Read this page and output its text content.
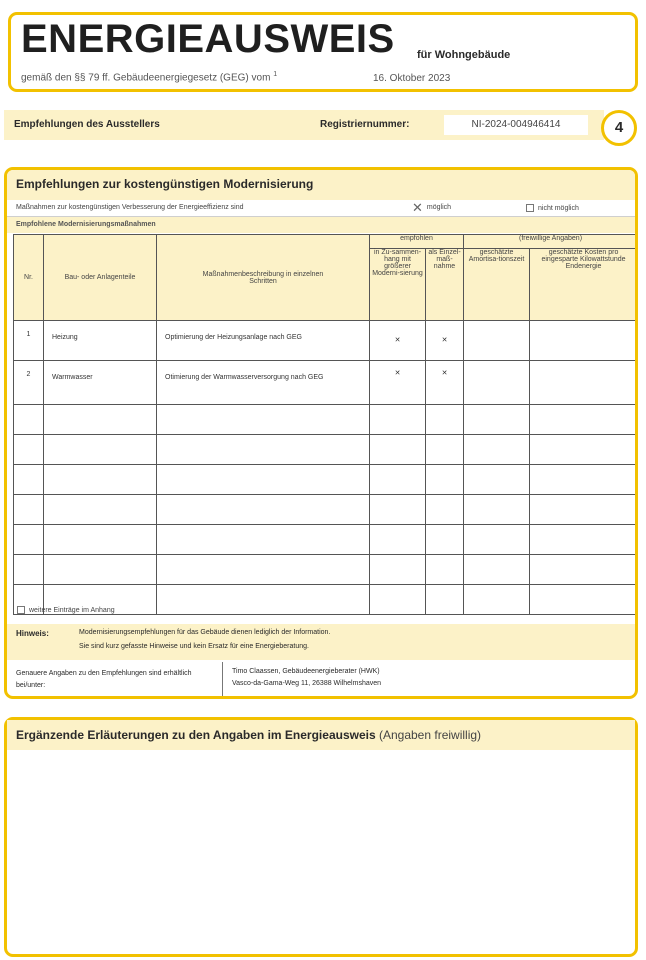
ENERGIEAUSWEIS für Wohngebäude
gemäß den §§ 79 ff. Gebäudeenergiegesetz (GEG) vom $^1$	16. Oktober 2023
Empfehlungen des Ausstellers	Registriernummer:	NI-2024-004946414	4
Empfehlungen zur kostengünstigen Modernisierung
Maßnahmen zur kostengünstigen Verbesserung der Energieeffizienz sind	✕ möglich	nicht möglich
Empfohlene Modernisierungsmaßnahmen
Nr.	Bau- oder Anlagenteile	Maßnahmenbeschreibung in einzelnen Schritten	empfohlen		(freiwillige Angaben)	
			in Zu-sammen-hang mit größerer Moderni-sierung	als Einzel-maß-nahme	geschätzte Amortisa-tionszeit	geschätzte Kosten pro eingesparte Kilowattstunde Endenergie
1	Heizung	Optimierung der Heizungsanlage nach GEG	✕	✕		
2	Warmwasser	Otimierung der Warmwasserversorgung nach GEG	✕	✕		

weitere Einträge im Anhang
Hinweis:	Modernisierungsempfehlungen für das Gebäude dienen lediglich der Information.
Sie sind kurz gefasste Hinweise und kein Ersatz für eine Energieberatung.
Genauere Angaben zu den Empfehlungen sind erhältlich bei/unter:
Timo Claassen, Gebäudeenergieberater (HWK)
Vasco-da-Gama-Weg 11, 26388 Wilhelmshaven
Ergänzende Erläuterungen zu den Angaben im Energieausweis (Angaben freiwillig)
